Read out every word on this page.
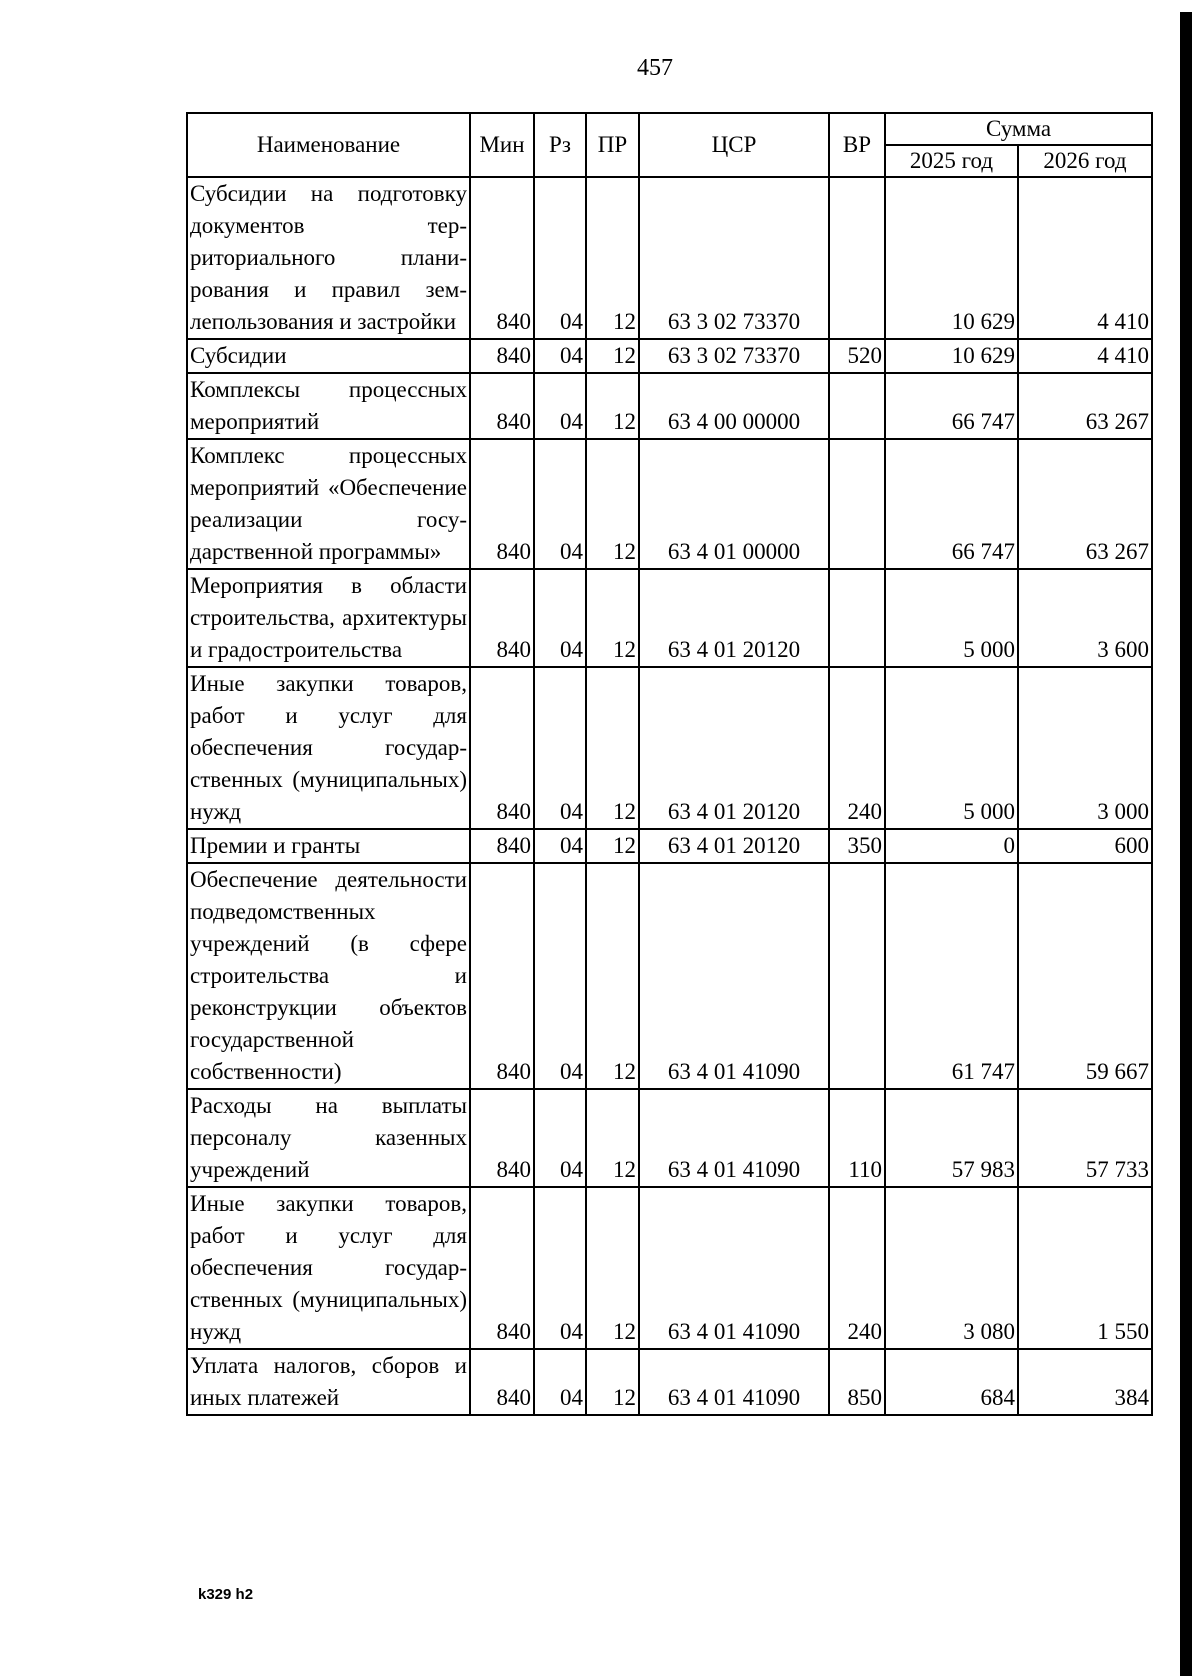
457
Наименование	Мин	Рз	ПР	ЦСР	ВР	Сумма	
						2025 год	2026 год
Субсидии на подготовку документов территориального планирования и правил землепользования и застройки	840	04	12	63 3 02 73370		10 629	4 410
Субсидии	840	04	12	63 3 02 73370	520	10 629	4 410
Комплексы процессных мероприятий	840	04	12	63 4 00 00000		66 747	63 267
Комплекс процессных мероприятий «Обеспечение реализации государственной программы»	840	04	12	63 4 01 00000		66 747	63 267
Мероприятия в области строительства, архитектуры и градостроительства	840	04	12	63 4 01 20120		5 000	3 600
Иные закупки товаров, работ и услуг для обеспечения государственных (муниципальных) нужд	840	04	12	63 4 01 20120	240	5 000	3 000
Премии и гранты	840	04	12	63 4 01 20120	350	0	600
Обеспечение деятельности подведомственных учреждений (в сфере строительства и реконструкции объектов государственной собственности)	840	04	12	63 4 01 41090		61 747	59 667
Расходы на выплаты персоналу казенных учреждений	840	04	12	63 4 01 41090	110	57 983	57 733
Иные закупки товаров, работ и услуг для обеспечения государственных (муниципальных) нужд	840	04	12	63 4 01 41090	240	3 080	1 550
Уплата налогов, сборов и иных платежей	840	04	12	63 4 01 41090	850	684	384
k329 h2
